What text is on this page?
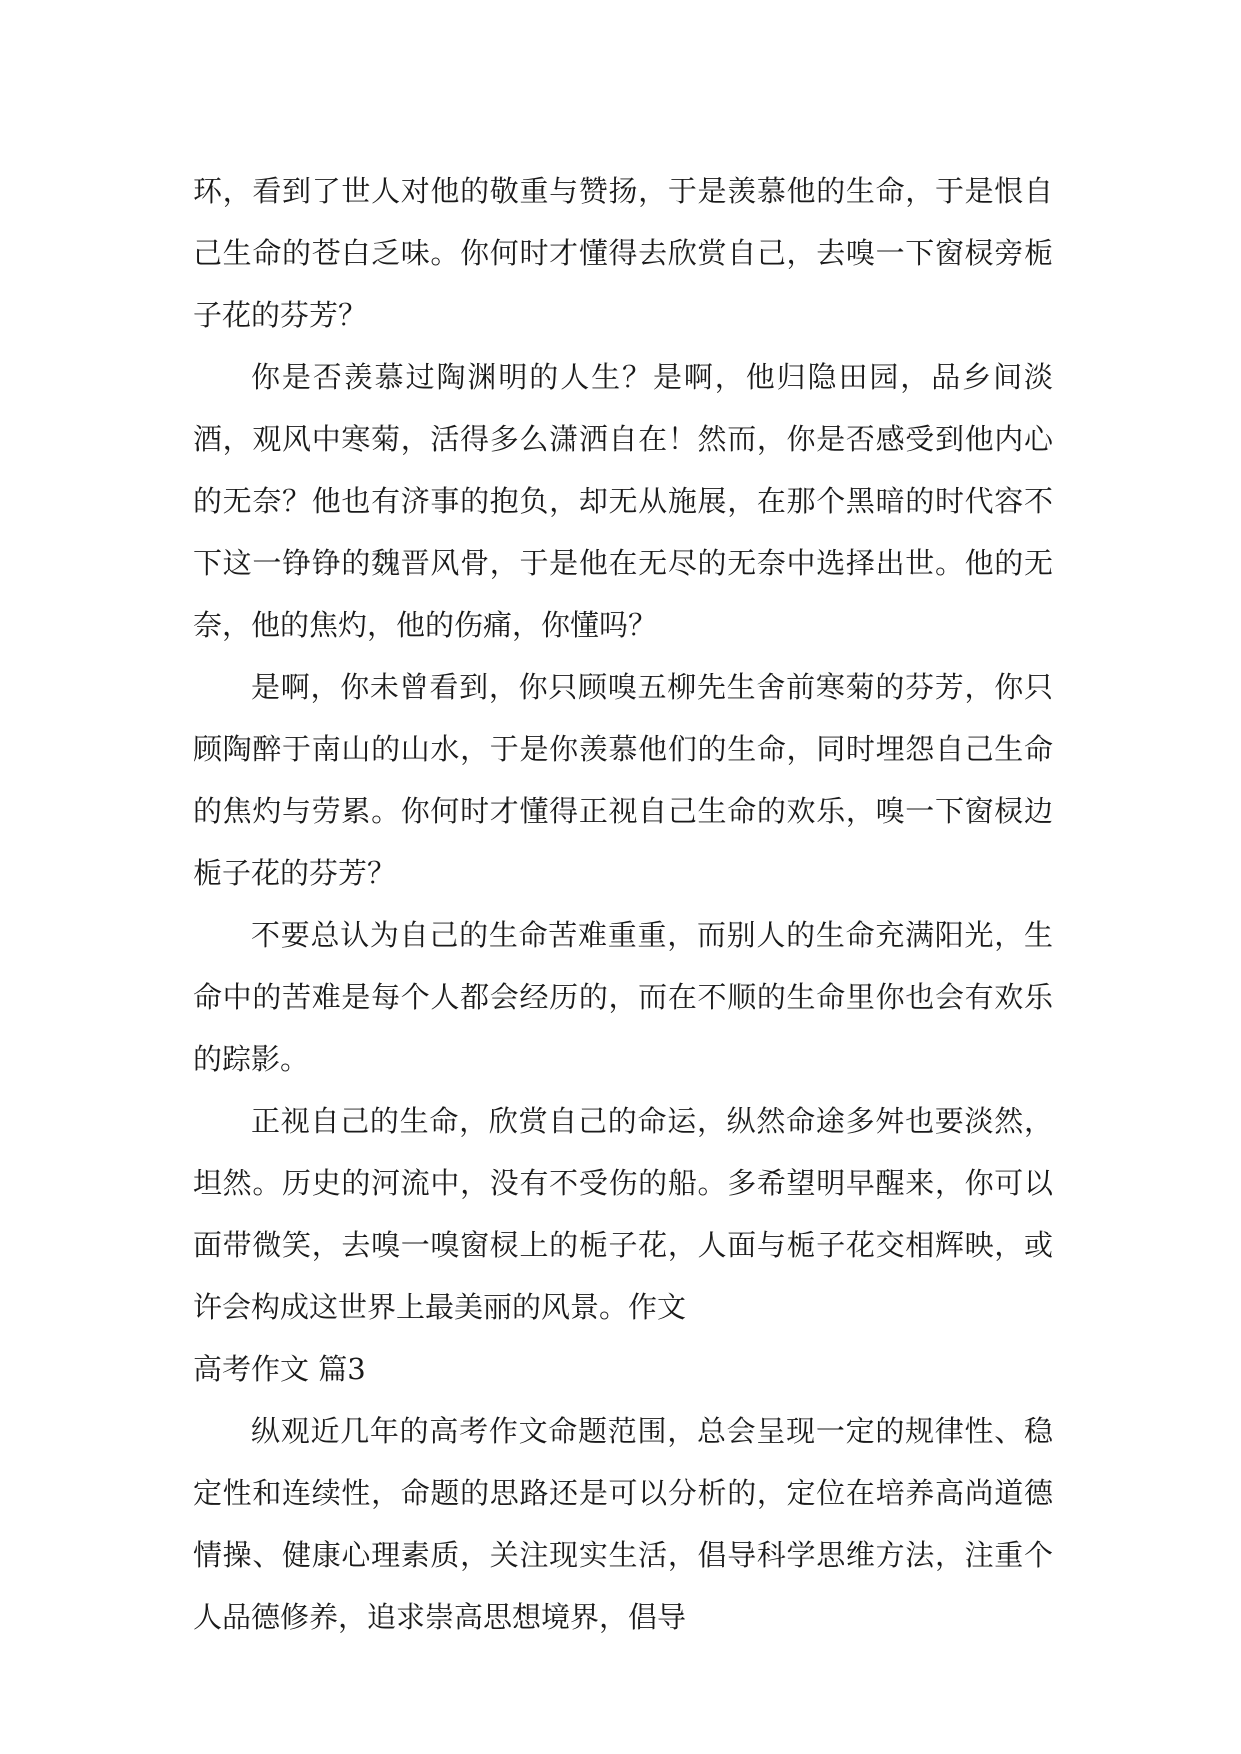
环，看到了世人对他的敬重与赞扬，于是羡慕他的生命，于是恨自己生命的苍白乏味。你何时才懂得去欣赏自己，去嗅一下窗棂旁栀子花的芬芳？

你是否羡慕过陶渊明的人生？是啊，他归隐田园，品乡间淡酒，观风中寒菊，活得多么潇洒自在！然而，你是否感受到他内心的无奈？他也有济事的抱负，却无从施展，在那个黑暗的时代容不下这一铮铮的魏晋风骨，于是他在无尽的无奈中选择出世。他的无奈，他的焦灼，他的伤痛，你懂吗？

是啊，你未曾看到，你只顾嗅五柳先生舍前寒菊的芬芳，你只顾陶醉于南山的山水，于是你羡慕他们的生命，同时埋怨自己生命的焦灼与劳累。你何时才懂得正视自己生命的欢乐，嗅一下窗棂边栀子花的芬芳？

不要总认为自己的生命苦难重重，而别人的生命充满阳光，生命中的苦难是每个人都会经历的，而在不顺的生命里你也会有欢乐的踪影。

正视自己的生命，欣赏自己的命运，纵然命途多舛也要淡然，坦然。历史的河流中，没有不受伤的船。多希望明早醒来，你可以面带微笑，去嗅一嗅窗棂上的栀子花，人面与栀子花交相辉映，或许会构成这世界上最美丽的风景。作文

高考作文 篇3

纵观近几年的高考作文命题范围，总会呈现一定的规律性、稳定性和连续性，命题的思路还是可以分析的，定位在培养高尚道德情操、健康心理素质，关注现实生活，倡导科学思维方法，注重个人品德修养，追求崇高思想境界，倡导
